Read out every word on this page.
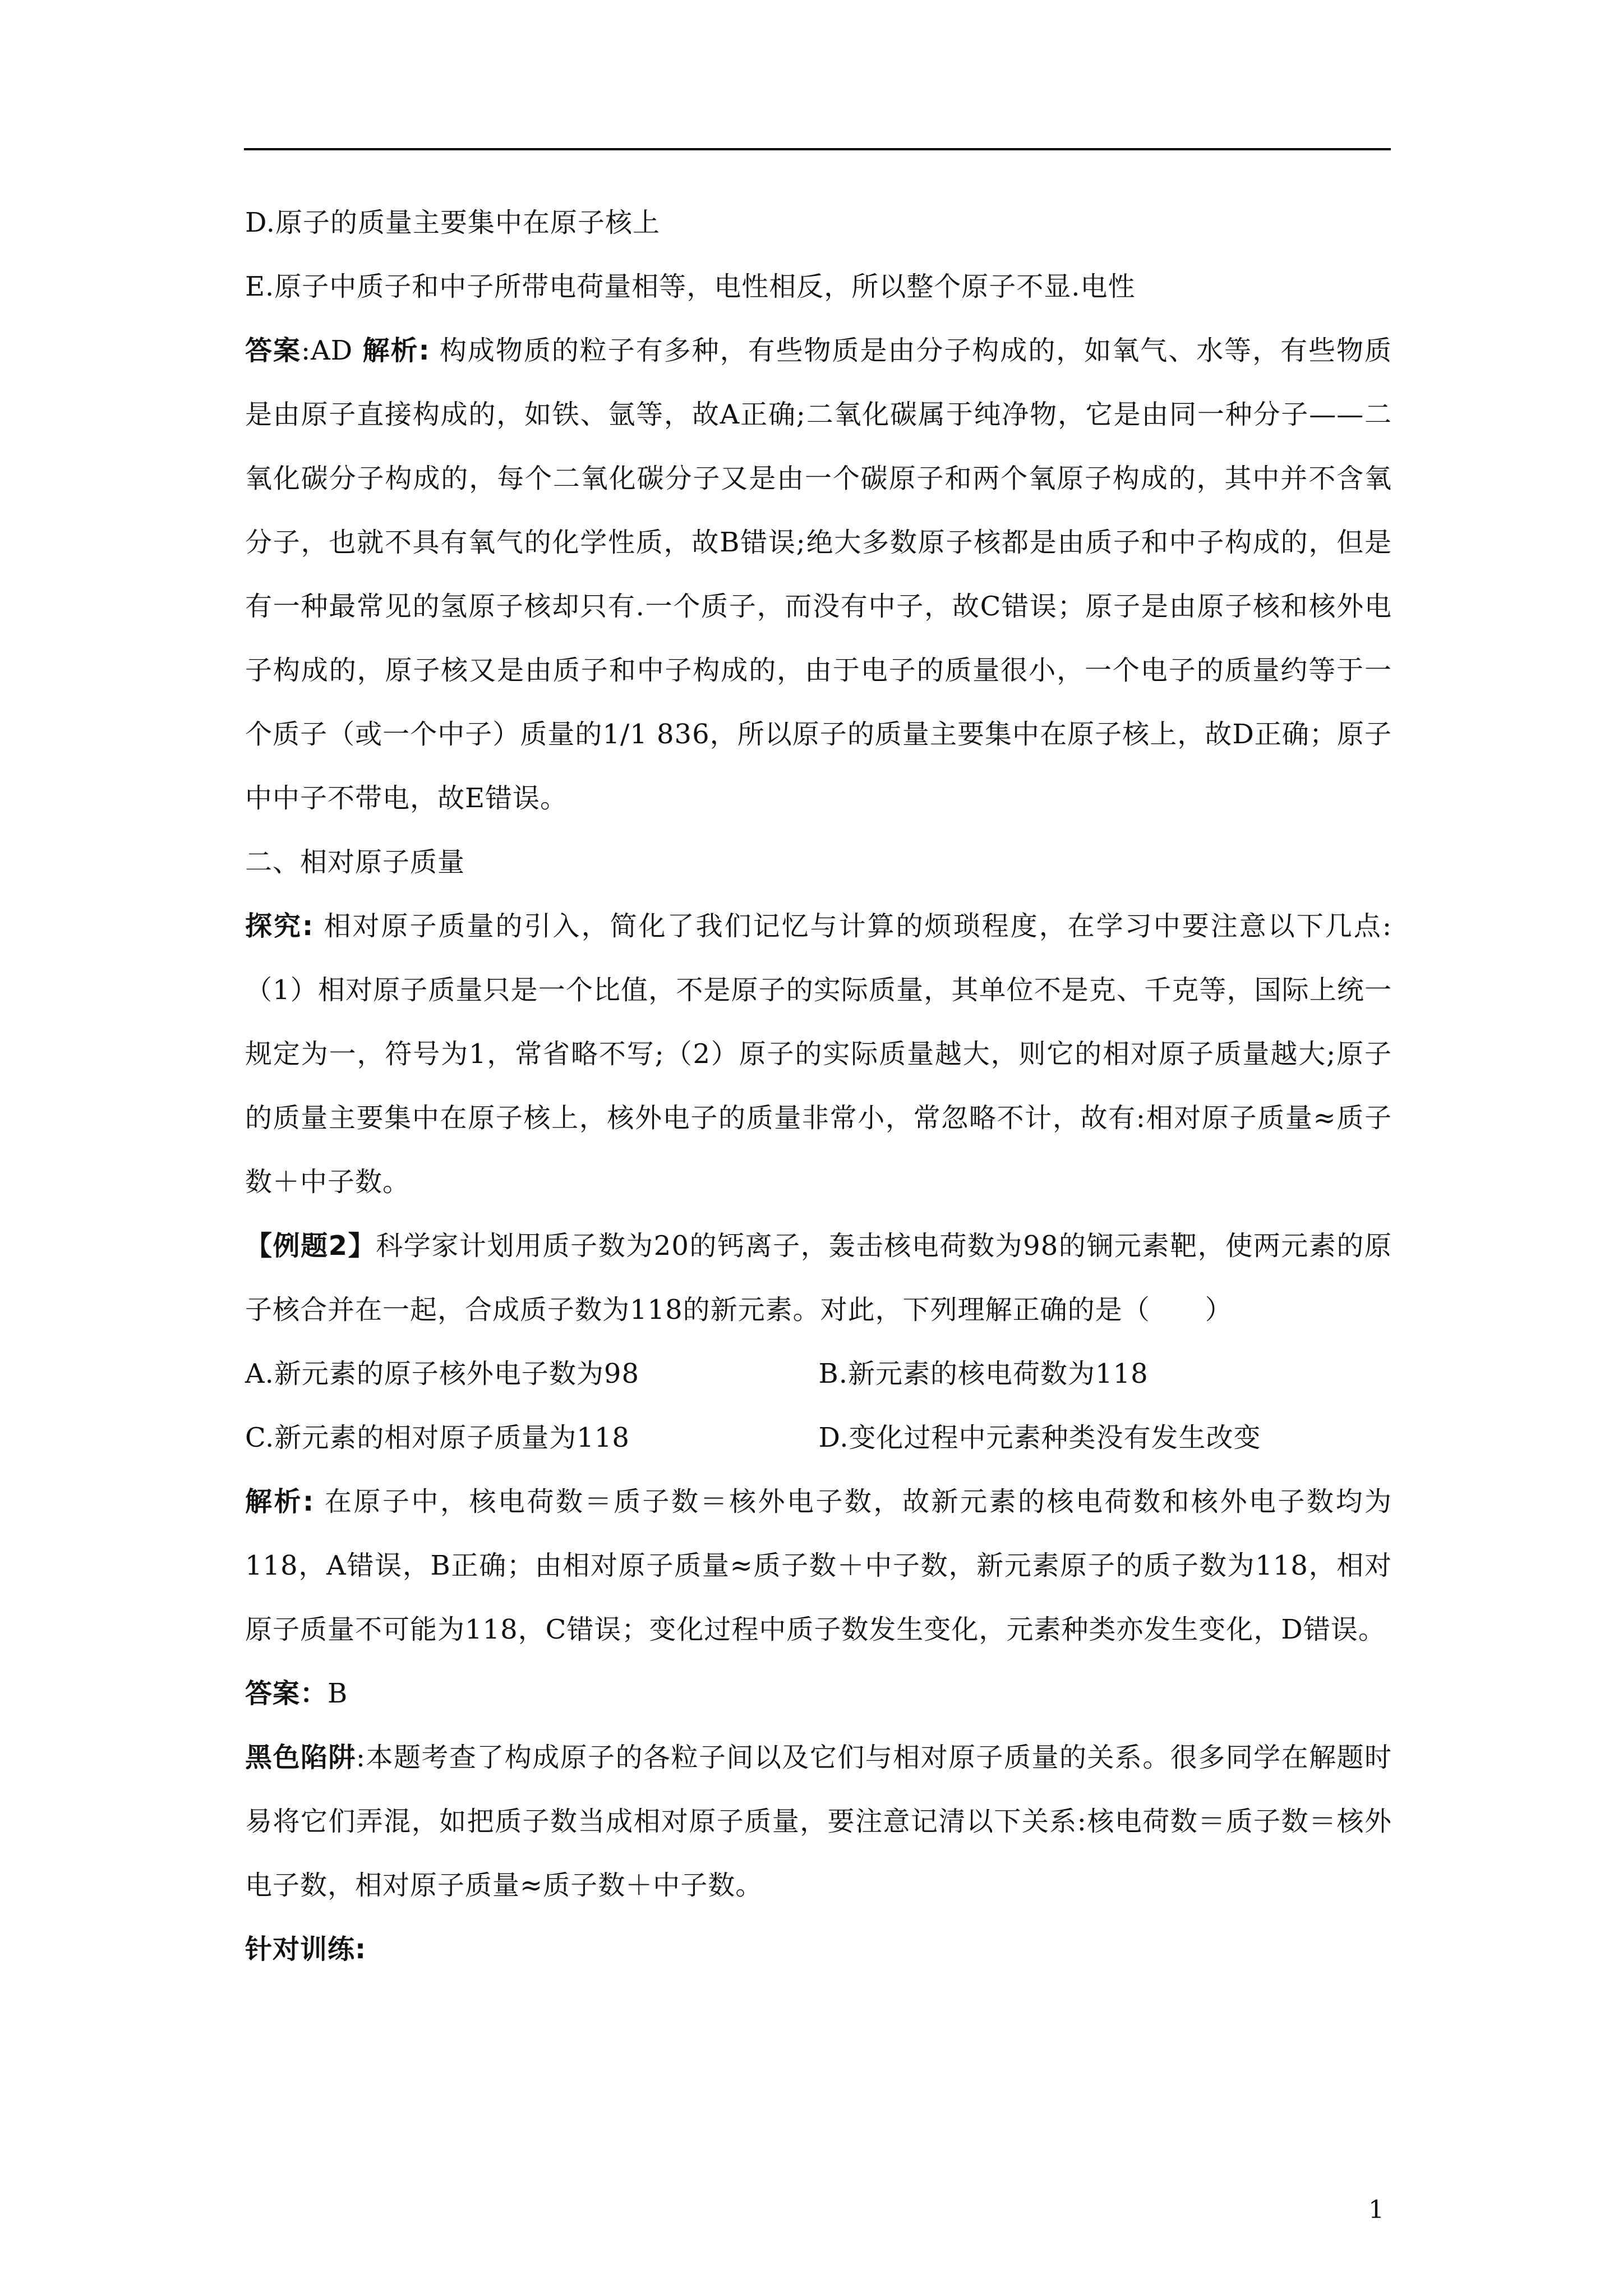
D.原子的质量主要集中在原子核上

E.原子中质子和中子所带电荷量相等，电性相反，所以整个原子不显.电性

答案:AD 解析: 构成物质的粒子有多种，有些物质是由分子构成的，如氧气、水等，有些物质是由原子直接构成的，如铁、氩等，故A正确;二氧化碳属于纯净物，它是由同一种分子——二氧化碳分子构成的，每个二氧化碳分子又是由一个碳原子和两个氧原子构成的，其中并不含氧分子，也就不具有氧气的化学性质，故B错误;绝大多数原子核都是由质子和中子构成的，但是有一种最常见的氢原子核却只有.一个质子，而没有中子，故C错误；原子是由原子核和核外电子构成的，原子核又是由质子和中子构成的，由于电子的质量很小，一个电子的质量约等于一个质子（或一个中子）质量的1/1 836，所以原子的质量主要集中在原子核上，故D正确；原子中中子不带电，故E错误。

二、相对原子质量

探究: 相对原子质量的引入，简化了我们记忆与计算的烦琐程度，在学习中要注意以下几点:（1）相对原子质量只是一个比值，不是原子的实际质量，其单位不是克、千克等，国际上统一规定为一，符号为1，常省略不写;（2）原子的实际质量越大，则它的相对原子质量越大;原子的质量主要集中在原子核上，核外电子的质量非常小，常忽略不计，故有:相对原子质量≈质子数＋中子数。

【例题2】科学家计划用质子数为20的钙离子，轰击核电荷数为98的锎元素靶，使两元素的原子核合并在一起，合成质子数为118的新元素。对此，下列理解正确的是（　　）

A.新元素的原子核外电子数为98	B.新元素的核电荷数为118
C.新元素的相对原子质量为118	D.变化过程中元素种类没有发生改变

解析: 在原子中，核电荷数＝质子数＝核外电子数，故新元素的核电荷数和核外电子数均为118，A错误，B正确；由相对原子质量≈质子数＋中子数，新元素原子的质子数为118，相对原子质量不可能为118，C错误；变化过程中质子数发生变化，元素种类亦发生变化，D错误。

答案：B

黑色陷阱:本题考查了构成原子的各粒子间以及它们与相对原子质量的关系。很多同学在解题时易将它们弄混，如把质子数当成相对原子质量，要注意记清以下关系:核电荷数＝质子数＝核外电子数，相对原子质量≈质子数＋中子数。

针对训练:

1
